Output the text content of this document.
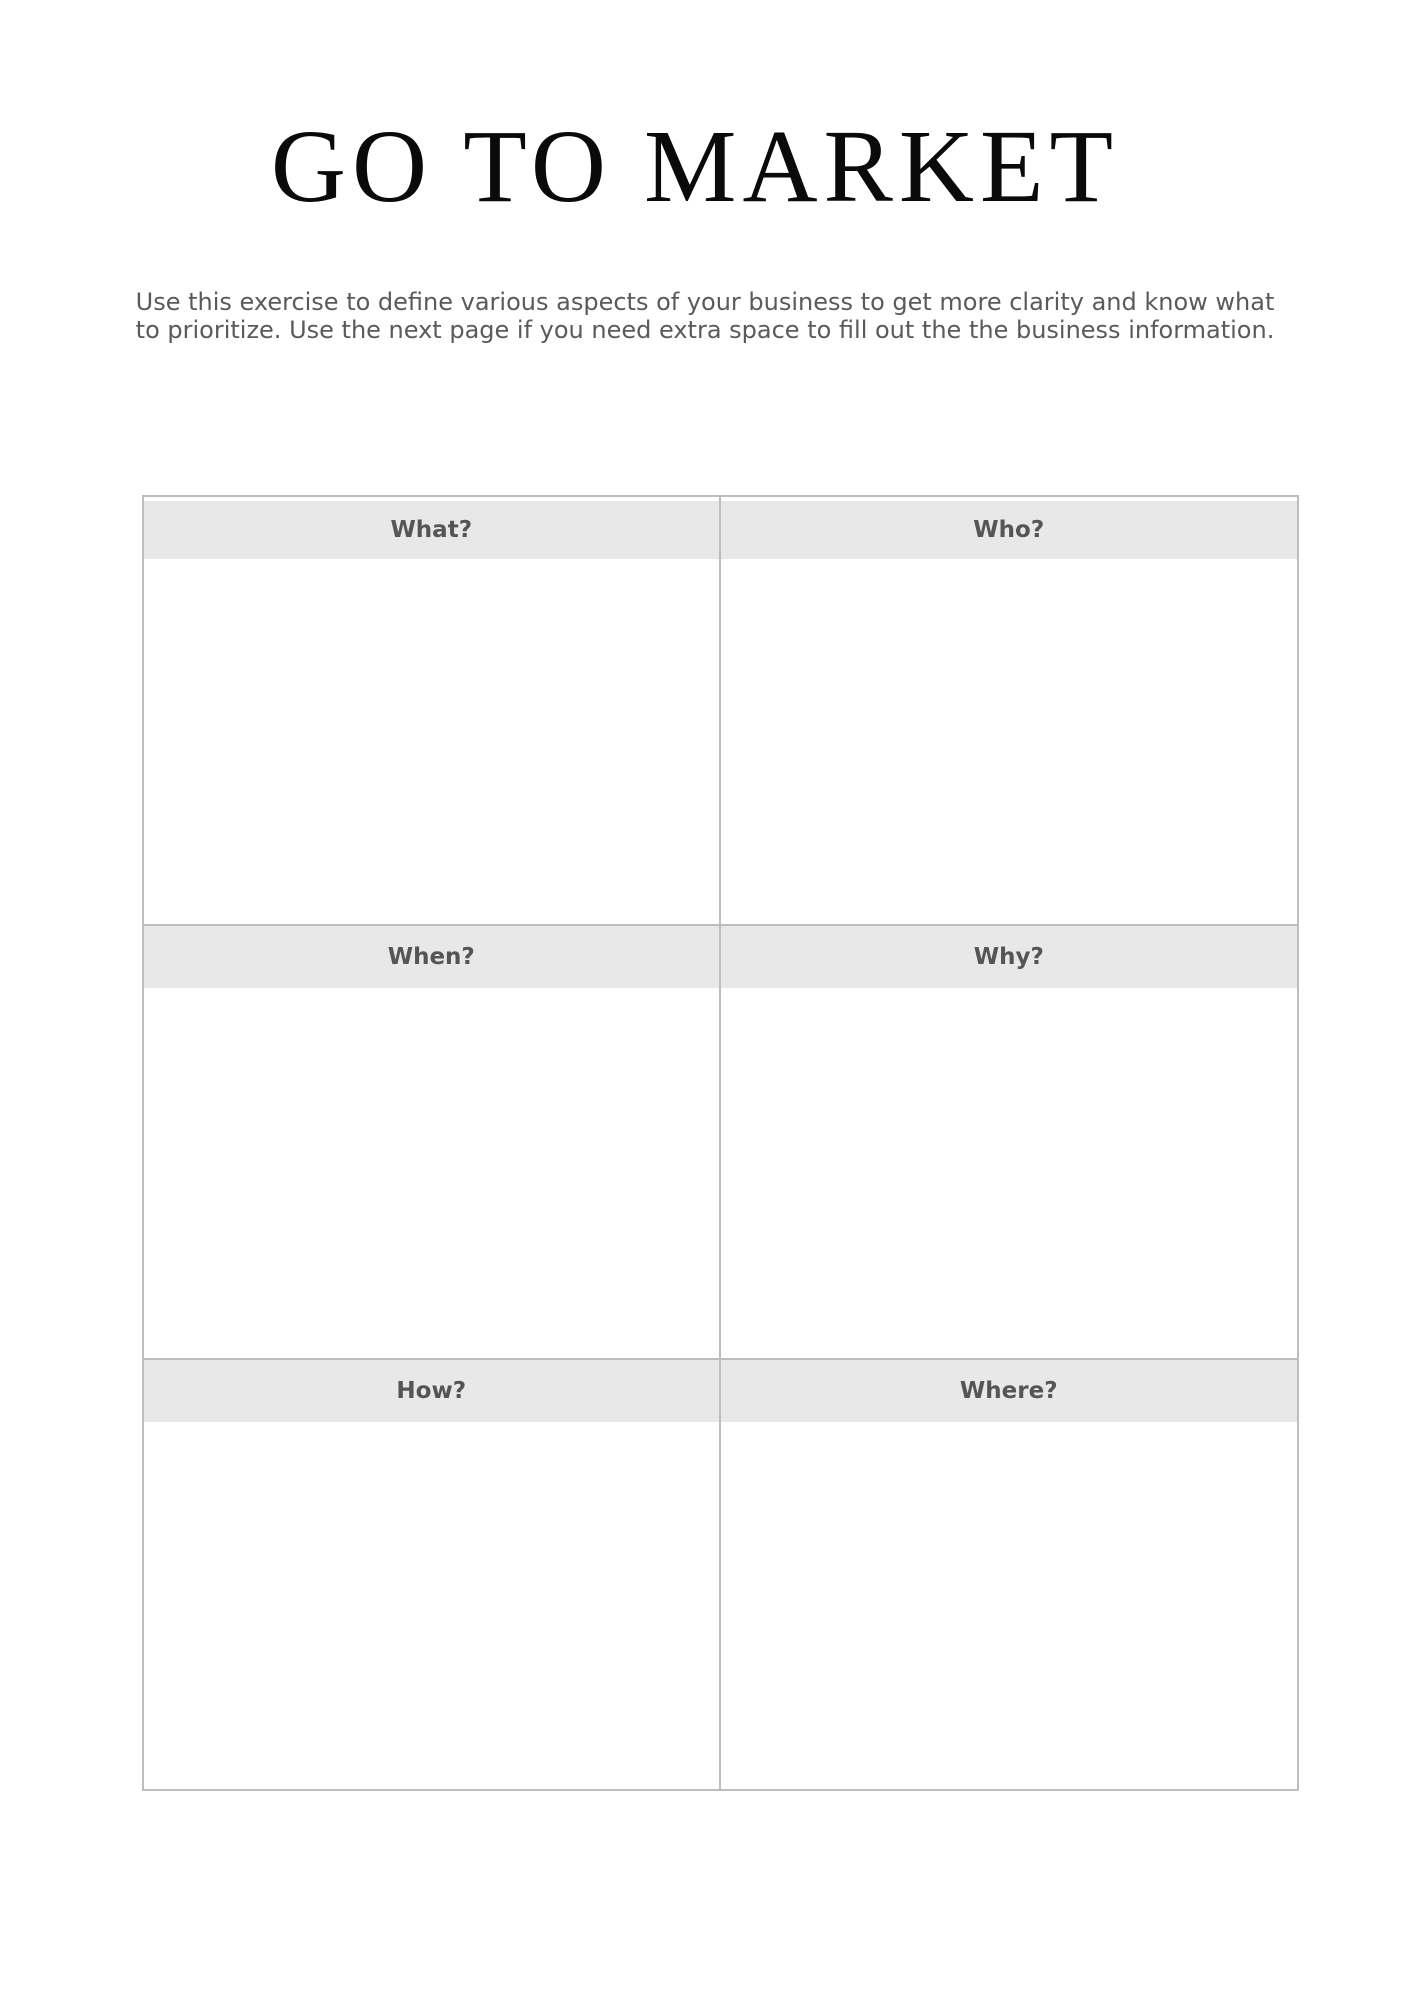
GO TO MARKET

Use this exercise to define various aspects of your business to get more clarity and know what to prioritize. Use the next page if you need extra space to fill out the the business information.

What?	Who?
When?	Why?
How?	Where?
